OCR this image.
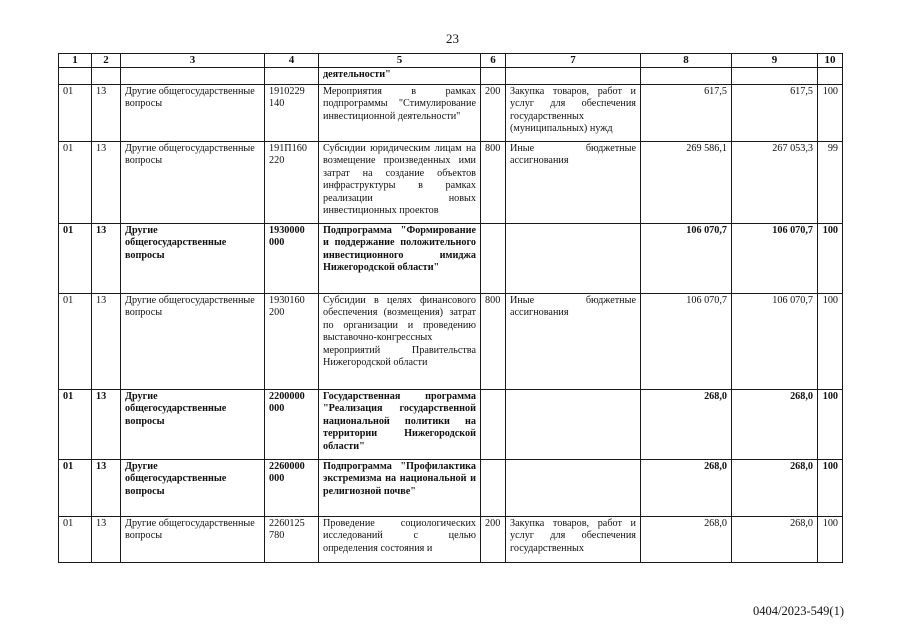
23
1	2	3	4	5	6	7	8	9	10
				деятельности"					
01	13	Другие общегосударственные вопросы	1910229 140	Мероприятия в рамках подпрограммы "Стимулирование инвестиционной деятельности"	200	Закупка товаров, работ и услуг для обеспечения государственных (муниципальных) нужд	617,5	617,5	100
01	13	Другие общегосударственные вопросы	191П160 220	Субсидии юридическим лицам на возмещение произведенных ими затрат на создание объектов инфраструктуры в рамках реализации новых инвестиционных проектов	800	Иные бюджетные ассигнования	269 586,1	267 053,3	99
01	13	Другие общегосударственные вопросы	1930000 000	Подпрограмма "Формирование и поддержание положительного инвестиционного имиджа Нижегородской области"			106 070,7	106 070,7	100
01	13	Другие общегосударственные вопросы	1930160 200	Субсидии в целях финансового обеспечения (возмещения) затрат по организации и проведению выставочно-конгрессных мероприятий Правительства Нижегородской области	800	Иные бюджетные ассигнования	106 070,7	106 070,7	100
01	13	Другие общегосударственные вопросы	2200000 000	Государственная программа "Реализация государственной национальной политики на территории Нижегородской области"			268,0	268,0	100
01	13	Другие общегосударственные вопросы	2260000 000	Подпрограмма "Профилактика экстремизма на национальной и религиозной почве"			268,0	268,0	100
01	13	Другие общегосударственные вопросы	2260125 780	Проведение социологических исследований с целью определения состояния и	200	Закупка товаров, работ и услуг для обеспечения государственных	268,0	268,0	100
0404/2023-549(1)
